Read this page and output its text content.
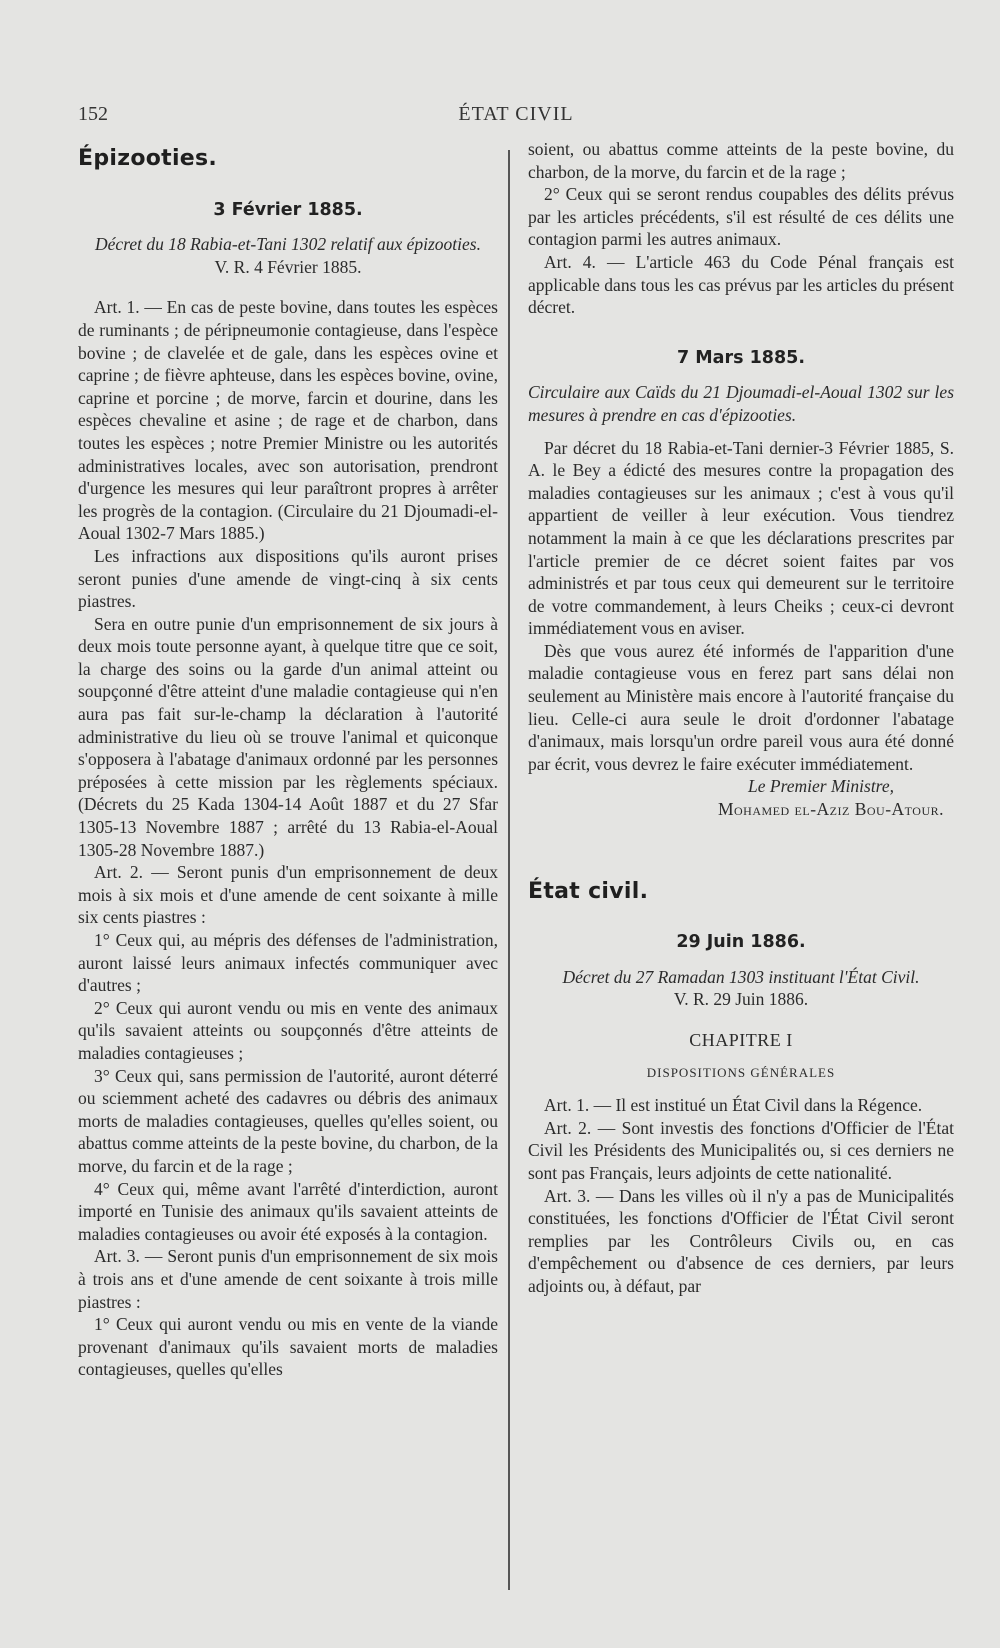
152	ÉTAT CIVIL
Épizooties.
3 Février 1885.

Décret du 18 Rabia-et-Tani 1302 relatif aux épizooties.

V. R. 4 Février 1885.

Art. 1. — En cas de peste bovine, dans toutes les espèces de ruminants ; de péripneumonie contagieuse, dans l'espèce bovine ; de clavelée et de gale, dans les espèces ovine et caprine ; de fièvre aphteuse, dans les espèces bovine, ovine, caprine et porcine ; de morve, farcin et dourine, dans les espèces chevaline et asine ; de rage et de charbon, dans toutes les espèces ; notre Premier Ministre ou les autorités administratives locales, avec son autorisation, prendront d'urgence les mesures qui leur paraîtront propres à arrêter les progrès de la contagion. (Circulaire du 21 Djoumadi-el-Aoual 1302-7 Mars 1885.)

Les infractions aux dispositions qu'ils auront prises seront punies d'une amende de vingt-cinq à six cents piastres.

Sera en outre punie d'un emprisonnement de six jours à deux mois toute personne ayant, à quelque titre que ce soit, la charge des soins ou la garde d'un animal atteint ou soupçonné d'être atteint d'une maladie contagieuse qui n'en aura pas fait sur-le-champ la déclaration à l'autorité administrative du lieu où se trouve l'animal et quiconque s'opposera à l'abatage d'animaux ordonné par les personnes préposées à cette mission par les règlements spéciaux. (Décrets du 25 Kada 1304-14 Août 1887 et du 27 Sfar 1305-13 Novembre 1887 ; arrêté du 13 Rabia-el-Aoual 1305-28 Novembre 1887.)

Art. 2. — Seront punis d'un emprisonnement de deux mois à six mois et d'une amende de cent soixante à mille six cents piastres :

1° Ceux qui, au mépris des défenses de l'administration, auront laissé leurs animaux infectés communiquer avec d'autres ;

2° Ceux qui auront vendu ou mis en vente des animaux qu'ils savaient atteints ou soupçonnés d'être atteints de maladies contagieuses ;

3° Ceux qui, sans permission de l'autorité, auront déterré ou sciemment acheté des cadavres ou débris des animaux morts de maladies contagieuses, quelles qu'elles soient, ou abattus comme atteints de la peste bovine, du charbon, de la morve, du farcin et de la rage ;

4° Ceux qui, même avant l'arrêté d'interdiction, auront importé en Tunisie des animaux qu'ils savaient atteints de maladies contagieuses ou avoir été exposés à la contagion.

Art. 3. — Seront punis d'un emprisonnement de six mois à trois ans et d'une amende de cent soixante à trois mille piastres :

1° Ceux qui auront vendu ou mis en vente de la viande provenant d'animaux qu'ils savaient morts de maladies contagieuses, quelles qu'elles

soient, ou abattus comme atteints de la peste bovine, du charbon, de la morve, du farcin et de la rage ;

2° Ceux qui se seront rendus coupables des délits prévus par les articles précédents, s'il est résulté de ces délits une contagion parmi les autres animaux.

Art. 4. — L'article 463 du Code Pénal français est applicable dans tous les cas prévus par les articles du présent décret.

7 Mars 1885.

Circulaire aux Caïds du 21 Djoumadi-el-Aoual 1302 sur les mesures à prendre en cas d'épizooties.

Par décret du 18 Rabia-et-Tani dernier-3 Février 1885, S. A. le Bey a édicté des mesures contre la propagation des maladies contagieuses sur les animaux ; c'est à vous qu'il appartient de veiller à leur exécution. Vous tiendrez notamment la main à ce que les déclarations prescrites par l'article premier de ce décret soient faites par vos administrés et par tous ceux qui demeurent sur le territoire de votre commandement, à leurs Cheiks ; ceux-ci devront immédiatement vous en aviser.

Dès que vous aurez été informés de l'apparition d'une maladie contagieuse vous en ferez part sans délai non seulement au Ministère mais encore à l'autorité française du lieu. Celle-ci aura seule le droit d'ordonner l'abatage d'animaux, mais lorsqu'un ordre pareil vous aura été donné par écrit, vous devrez le faire exécuter immédiatement.

Le Premier Ministre,

Mohamed el-Aziz Bou-Atour.

État civil.
29 Juin 1886.

Décret du 27 Ramadan 1303 instituant l'État Civil.

V. R. 29 Juin 1886.

CHAPITRE I
DISPOSITIONS GÉNÉRALES

Art. 1. — Il est institué un État Civil dans la Régence.

Art. 2. — Sont investis des fonctions d'Officier de l'État Civil les Présidents des Municipalités ou, si ces derniers ne sont pas Français, leurs adjoints de cette nationalité.

Art. 3. — Dans les villes où il n'y a pas de Municipalités constituées, les fonctions d'Officier de l'État Civil seront remplies par les Contrôleurs Civils ou, en cas d'empêchement ou d'absence de ces derniers, par leurs adjoints ou, à défaut, par
